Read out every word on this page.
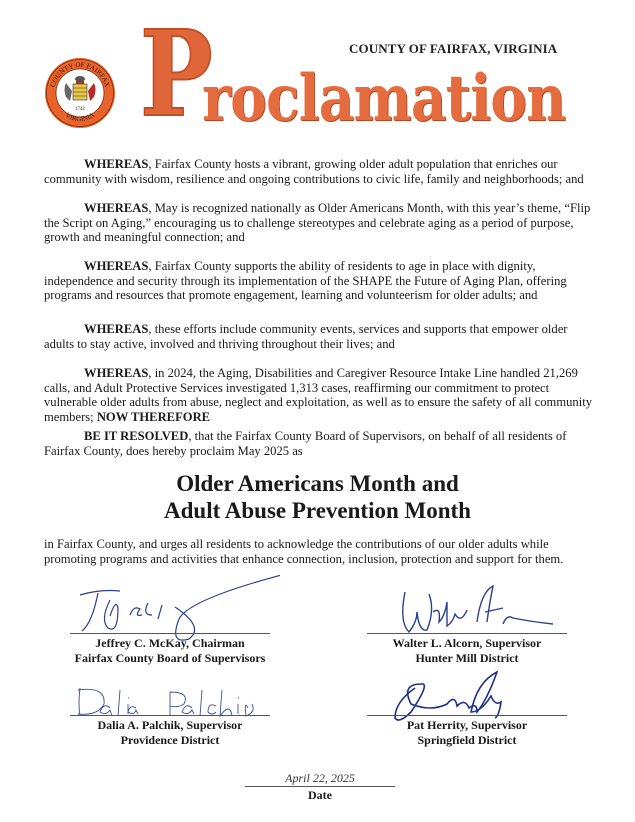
COUNTY OF FAIRFAX
VIRGINIA
1742
COUNTY OF FAIRFAX, VIRGINIA
P
roclamation
WHEREAS, Fairfax County hosts a vibrant, growing older adult population that enriches our community with wisdom, resilience and ongoing contributions to civic life, family and neighborhoods; and
WHEREAS, May is recognized nationally as Older Americans Month, with this year’s theme, “Flip the Script on Aging,” encouraging us to challenge stereotypes and celebrate aging as a period of purpose, growth and meaningful connection; and
WHEREAS, Fairfax County supports the ability of residents to age in place with dignity, independence and security through its implementation of the SHAPE the Future of Aging Plan, offering programs and resources that promote engagement, learning and volunteerism for older adults; and
WHEREAS, these efforts include community events, services and supports that empower older adults to stay active, involved and thriving throughout their lives; and
WHEREAS, in 2024, the Aging, Disabilities and Caregiver Resource Intake Line handled 21,269 calls, and Adult Protective Services investigated 1,313 cases, reaffirming our commitment to protect vulnerable older adults from abuse, neglect and exploitation, as well as to ensure the safety of all community members; NOW THEREFORE
BE IT RESOLVED, that the Fairfax County Board of Supervisors, on behalf of all residents of Fairfax County, does hereby proclaim May 2025 as
Older Americans Month and
Adult Abuse Prevention Month
in Fairfax County, and urges all residents to acknowledge the contributions of our older adults while promoting programs and activities that enhance connection, inclusion, protection and support for them.
Jeffrey C. McKay, Chairman
Fairfax County Board of Supervisors
Walter L. Alcorn, Supervisor
Hunter Mill District
Dalia A. Palchik, Supervisor
Providence District
Pat Herrity, Supervisor
Springfield District
April 22, 2025
Date
